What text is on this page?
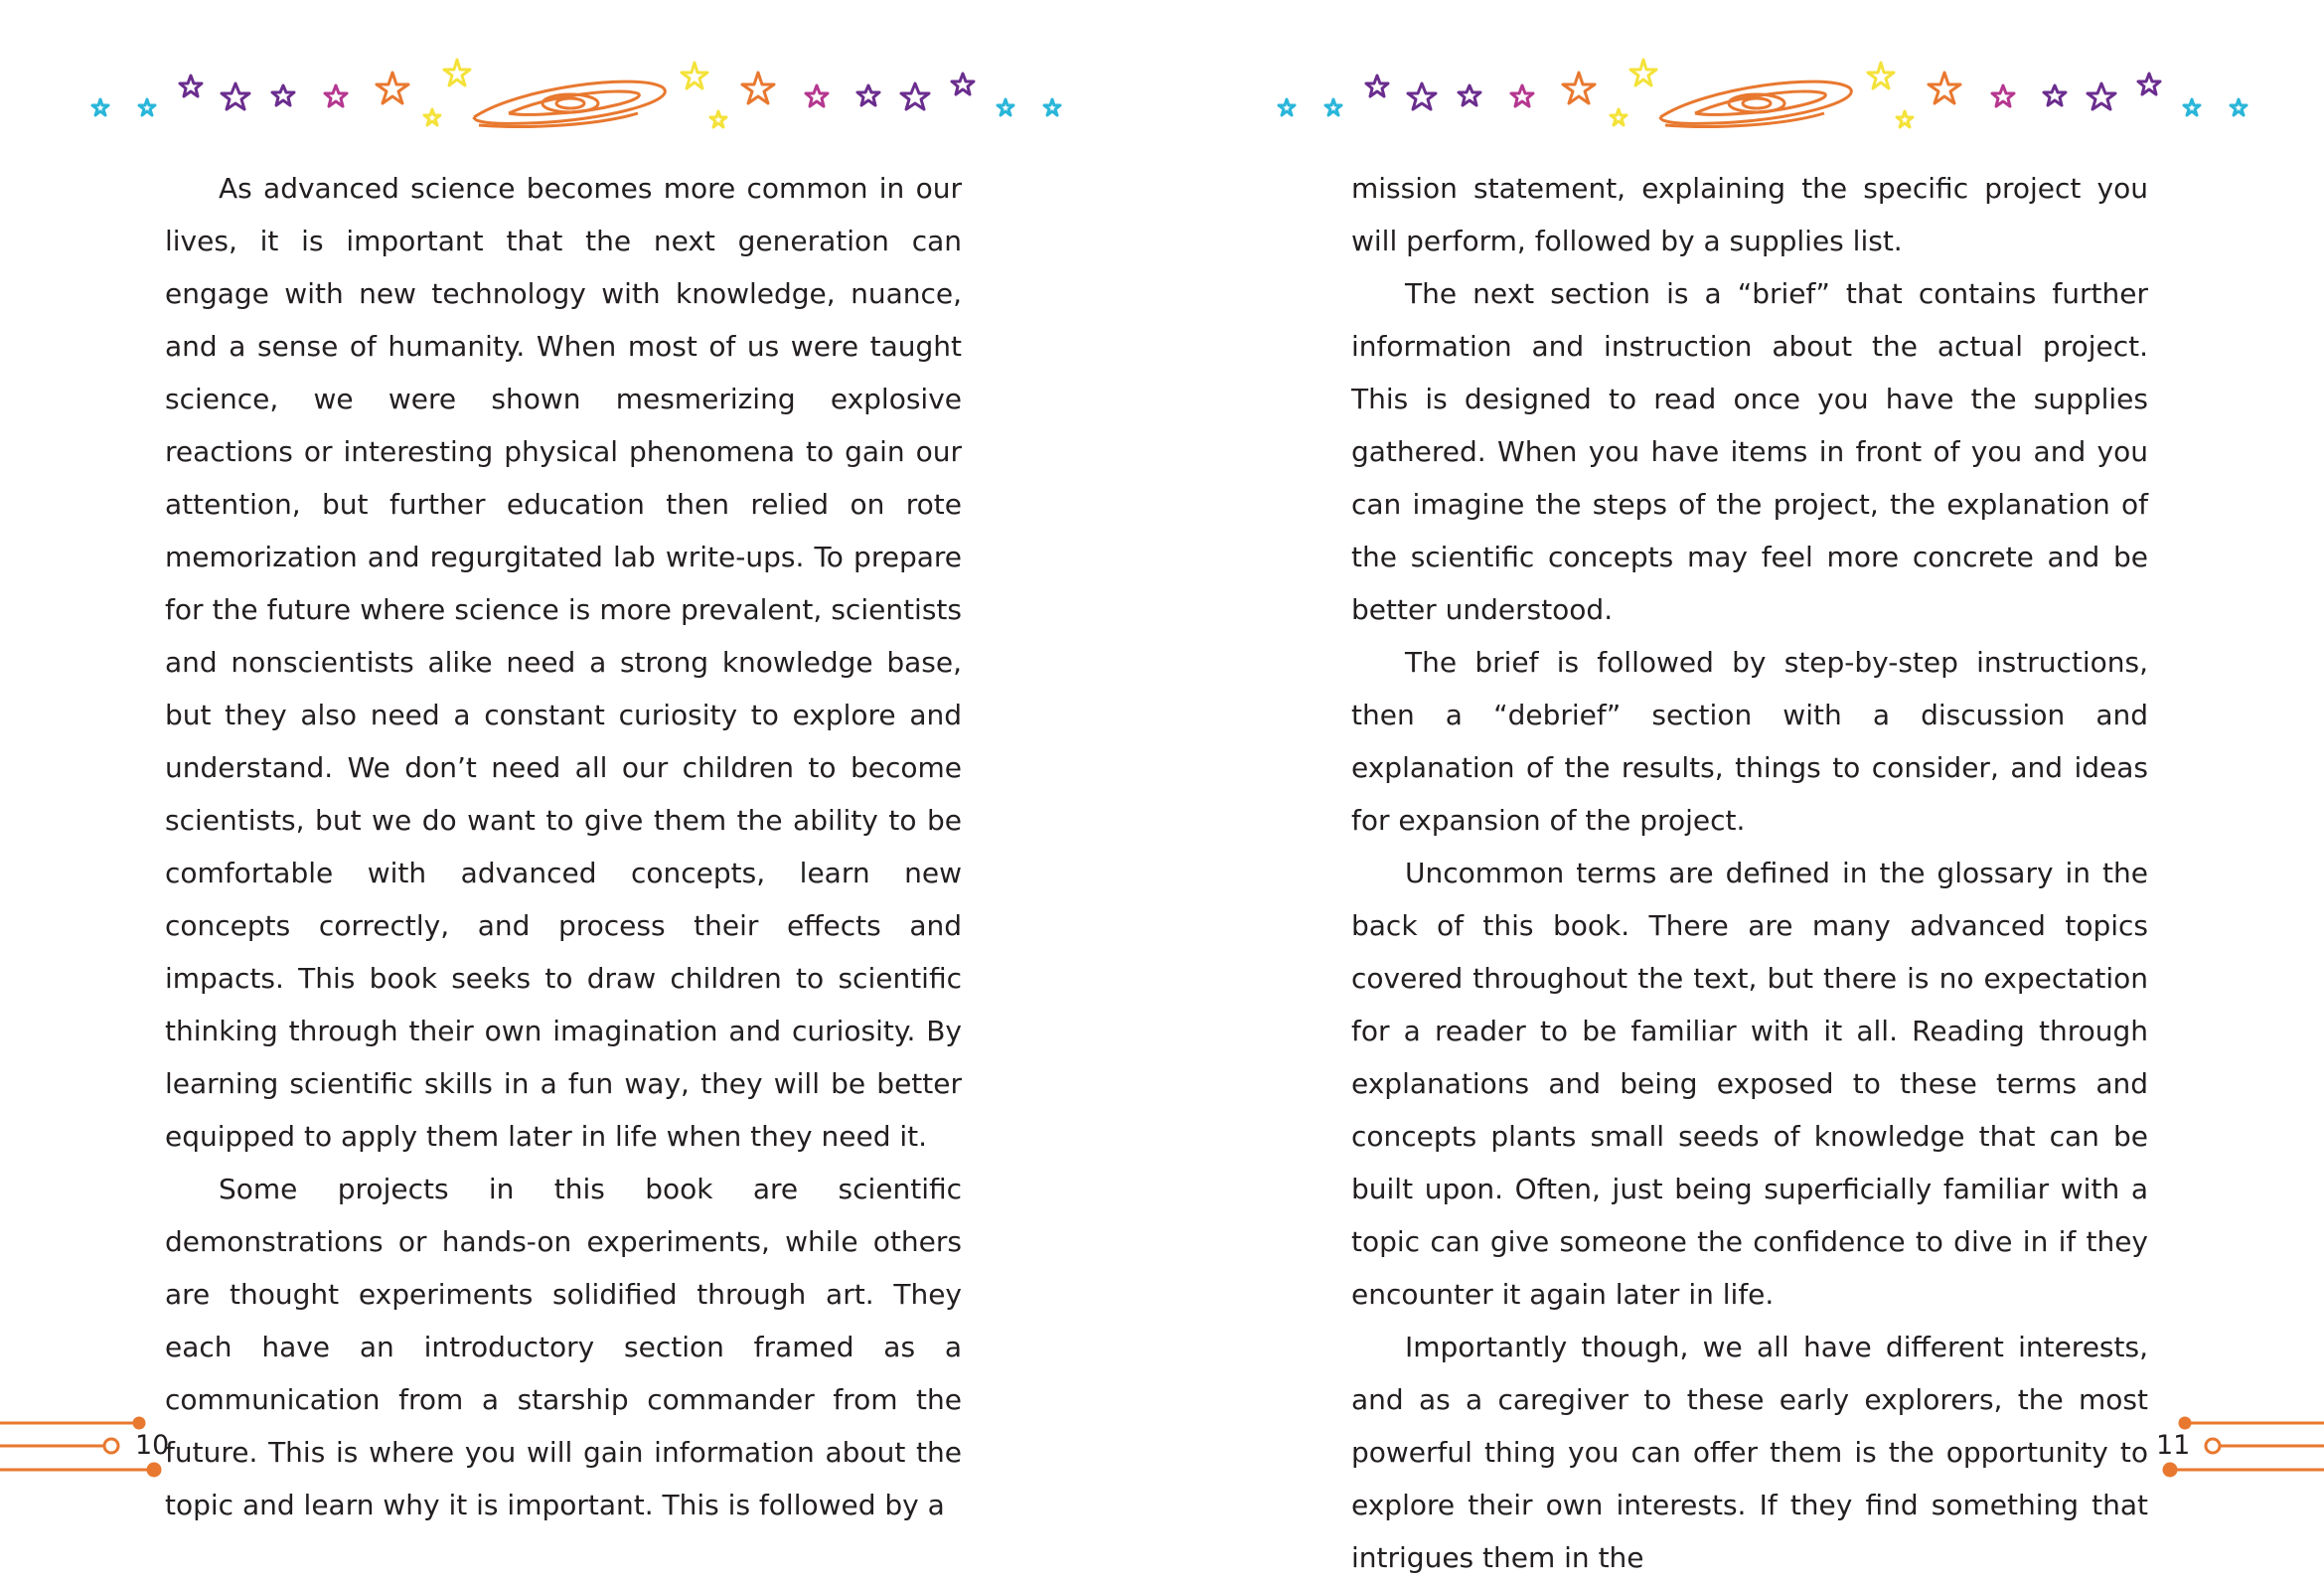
As advanced science becomes more common in our lives, it is important that the next generation can engage with new technology with knowledge, nuance, and a sense of humanity. When most of us were taught science, we were shown mesmerizing explosive reactions or interesting physical phenomena to gain our attention, but further education then relied on rote memorization and regurgitated lab write-ups. To prepare for the future where science is more prevalent, scientists and nonscientists alike need a strong knowledge base, but they also need a constant curiosity to explore and understand. We don’t need all our children to become scientists, but we do want to give them the ability to be comfortable with advanced concepts, learn new concepts correctly, and process their effects and impacts. This book seeks to draw children to scientific thinking through their own imagination and curiosity. By learning scientific skills in a fun way, they will be better equipped to apply them later in life when they need it.

Some projects in this book are scientific demonstrations or hands-on experiments, while others are thought experiments solidified through art. They each have an introductory section framed as a communication from a starship commander from the future. This is where you will gain information about the topic and learn why it is important. This is followed by a

10

mission statement, explaining the specific project you will perform, followed by a supplies list.

The next section is a “brief” that contains further information and instruction about the actual project. This is designed to read once you have the supplies gathered. When you have items in front of you and you can imagine the steps of the project, the explanation of the scientific concepts may feel more concrete and be better understood.

The brief is followed by step-by-step instructions, then a “debrief” section with a discussion and explanation of the results, things to consider, and ideas for expansion of the project.

Uncommon terms are defined in the glossary in the back of this book. There are many advanced topics covered throughout the text, but there is no expectation for a reader to be familiar with it all. Reading through explanations and being exposed to these terms and concepts plants small seeds of knowledge that can be built upon. Often, just being superficially familiar with a topic can give someone the confidence to dive in if they encounter it again later in life.

Importantly though, we all have different interests, and as a caregiver to these early explorers, the most powerful thing you can offer them is the opportunity to explore their own interests. If they find something that intrigues them in the

11
